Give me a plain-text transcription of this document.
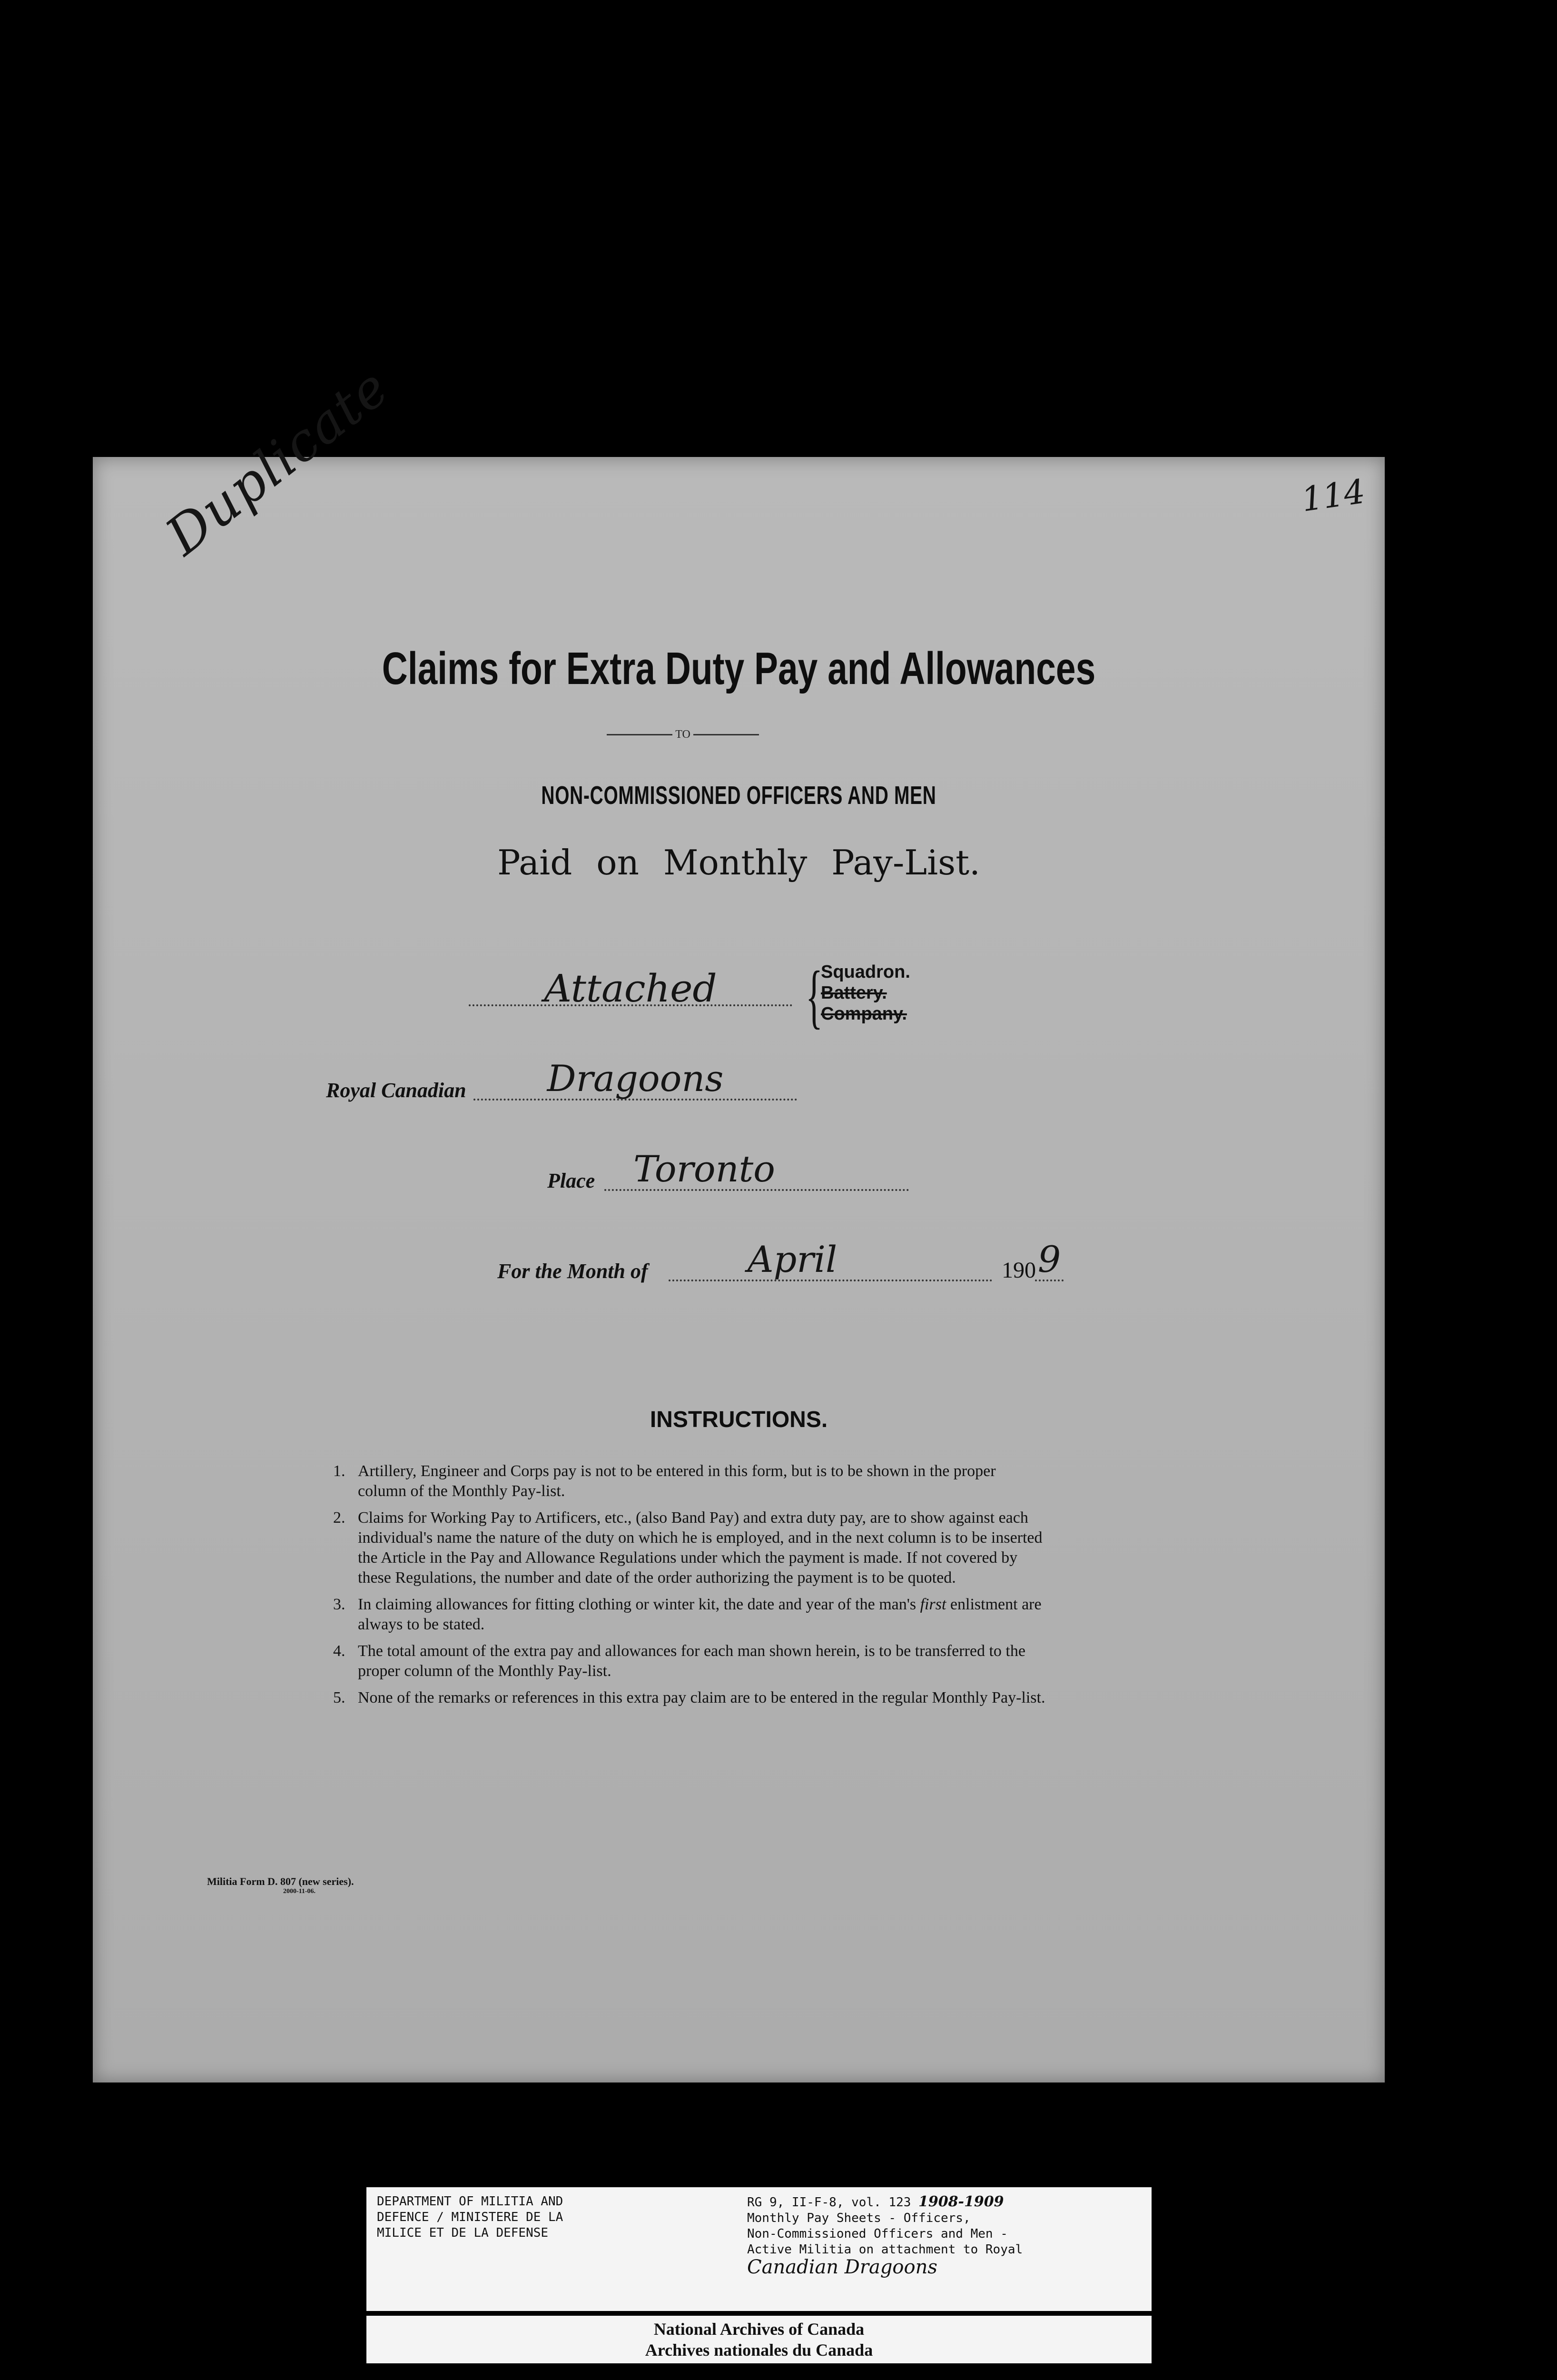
114
Duplicate
Claims for Extra Duty Pay and Allowances
TO
NON-COMMISSIONED OFFICERS AND MEN
Paid on Monthly Pay-List.
Attached	{
Squadron.
Battery.
Company.
Royal Canadian	Dragoons
Place	Toronto
For the Month of	April	190 9
INSTRUCTIONS.
1. Artillery, Engineer and Corps pay is not to be entered in this form, but is to be shown in the proper column of the Monthly Pay-list.
2. Claims for Working Pay to Artificers, etc., (also Band Pay) and extra duty pay, are to show against each individual's name the nature of the duty on which he is employed, and in the next column is to be inserted the Article in the Pay and Allowance Regulations under which the payment is made. If not covered by these Regulations, the number and date of the order authorizing the payment is to be quoted.
3. In claiming allowances for fitting clothing or winter kit, the date and year of the man's first enlistment are always to be stated.
4. The total amount of the extra pay and allowances for each man shown herein, is to be transferred to the proper column of the Monthly Pay-list.
5. None of the remarks or references in this extra pay claim are to be entered in the regular Monthly Pay-list.
Militia Form D. 807 (new series).
2000-11-06.
DEPARTMENT OF MILITIA AND
DEFENCE / MINISTERE DE LA
MILICE ET DE LA DEFENSE
RG 9, II-F-8, vol. 123 1908-1909
Monthly Pay Sheets - Officers,
Non-Commissioned Officers and Men -
Active Militia on attachment to Royal
Canadian Dragoons
National Archives of Canada
Archives nationales du Canada
